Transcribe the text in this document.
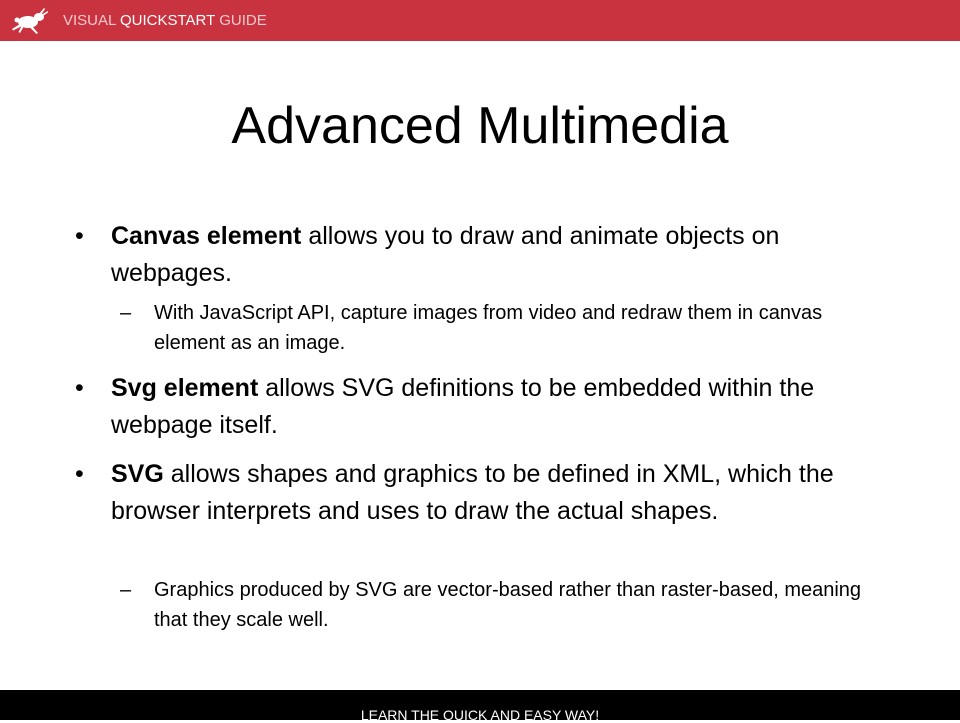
VISUAL QUICKSTART GUIDE
Advanced Multimedia
•	Canvas element allows you to draw and animate objects on webpages.
–	With JavaScript API, capture images from video and redraw them in canvas element as an image.
•	Svg element allows SVG definitions to be embedded within the webpage itself.
•	SVG allows shapes and graphics to be defined in XML, which the browser interprets and uses to draw the actual shapes.
–	Graphics produced by SVG are vector-based rather than raster-based, meaning that they scale well.
LEARN THE QUICK AND EASY WAY!
